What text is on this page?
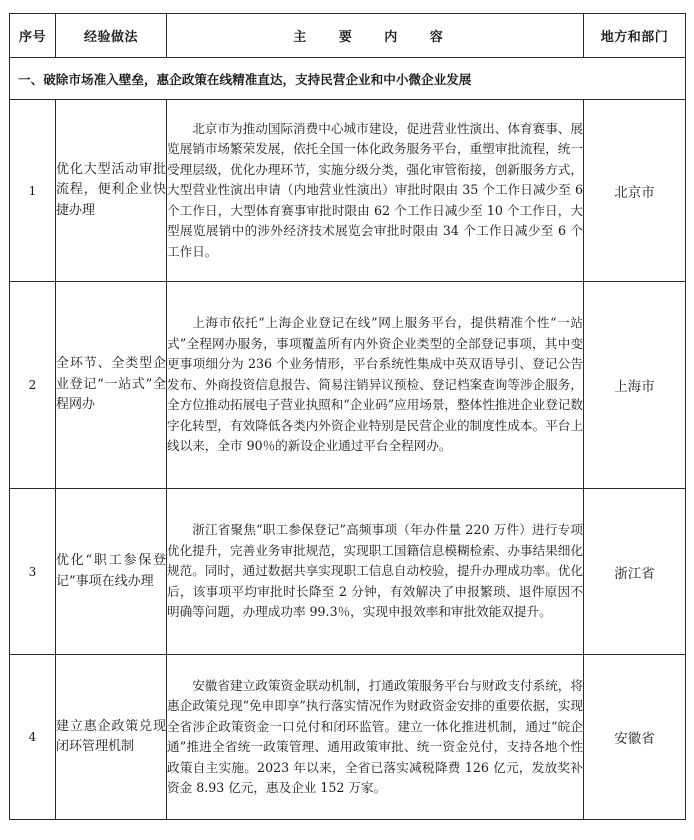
序号	经验做法	主 要 内 容	地方和部门
一、破除市场准入壁垒，惠企政策在线精准直达，支持民营企业和中小微企业发展			
1	优化大型活动审批流程，便利企业快捷办理	北京市为推动国际消费中心城市建设，促进营业性演出、体育赛事、展览展销市场繁荣发展，依托全国一体化政务服务平台，重塑审批流程，统一受理层级，优化办理环节，实施分级分类，强化审管衔接，创新服务方式，大型营业性演出申请（内地营业性演出）审批时限由 35 个工作日减少至 6 个工作日，大型体育赛事审批时限由 62 个工作日减少至 10 个工作日，大型展览展销中的涉外经济技术展览会审批时限由 34 个工作日减少至 6 个工作日。	北京市
2	全环节、全类型企业登记“一站式”全程网办	上海市依托“上海企业登记在线”网上服务平台，提供精准个性“一站式”全程网办服务，事项覆盖所有内外资企业类型的全部登记事项，其中变更事项细分为 236 个业务情形，平台系统性集成中英双语导引、登记公告发布、外商投资信息报告、简易注销异议预检、登记档案查询等涉企服务，全方位推动拓展电子营业执照和“企业码”应用场景，整体性推进企业登记数字化转型，有效降低各类内外资企业特别是民营企业的制度性成本。平台上线以来，全市 90％的新设企业通过平台全程网办。	上海市
3	优化“职工参保登记”事项在线办理	浙江省聚焦“职工参保登记”高频事项（年办件量 220 万件）进行专项优化提升，完善业务审批规范，实现职工国籍信息模糊检索、办事结果细化规范。同时，通过数据共享实现职工信息自动校验，提升办理成功率。优化后，该事项平均审批时长降至 2 分钟，有效解决了申报繁琐、退件原因不明确等问题，办理成功率 99.3％，实现申报效率和审批效能双提升。	浙江省
4	建立惠企政策兑现闭环管理机制	安徽省建立政策资金联动机制，打通政策服务平台与财政支付系统，将惠企政策兑现“免申即享”执行落实情况作为财政资金安排的重要依据，实现全省涉企政策资金一口兑付和闭环监管。建立一体化推进机制，通过“皖企通”推进全省统一政策管理、通用政策审批、统一资金兑付，支持各地个性政策自主实施。2023 年以来，全省已落实减税降费 126 亿元，发放奖补资金 8.93 亿元，惠及企业 152 万家。	安徽省
